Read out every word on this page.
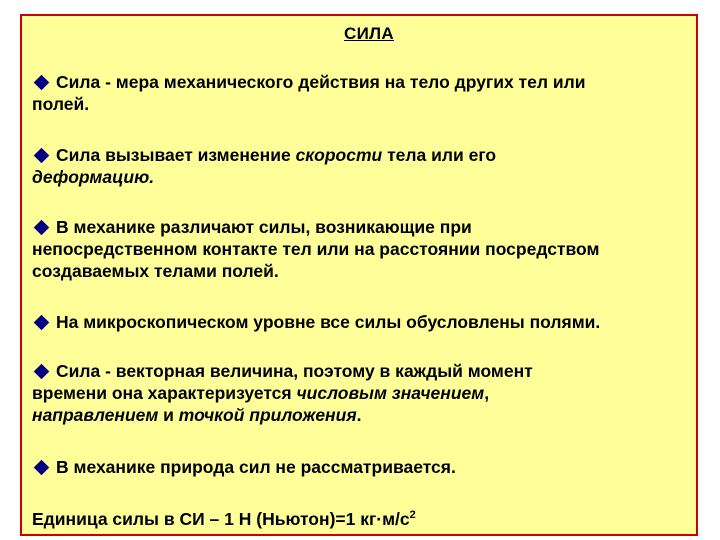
СИЛА
Сила - мера механического действия на тело других тел или
полей.
Сила вызывает изменение скорости тела или его
деформацию.
В механике различают силы, возникающие при
непосредственном контакте тел или на расстоянии посредством
создаваемых телами полей.
На микроскопическом уровне все силы обусловлены полями.
Сила - векторная величина, поэтому в каждый момент
времени она характеризуется числовым значением,
направлением и точкой приложения.
В механике природа сил не рассматривается.
Единица силы в СИ – 1 Н (Ньютон)=1 $кг\cdot м/с^2$
